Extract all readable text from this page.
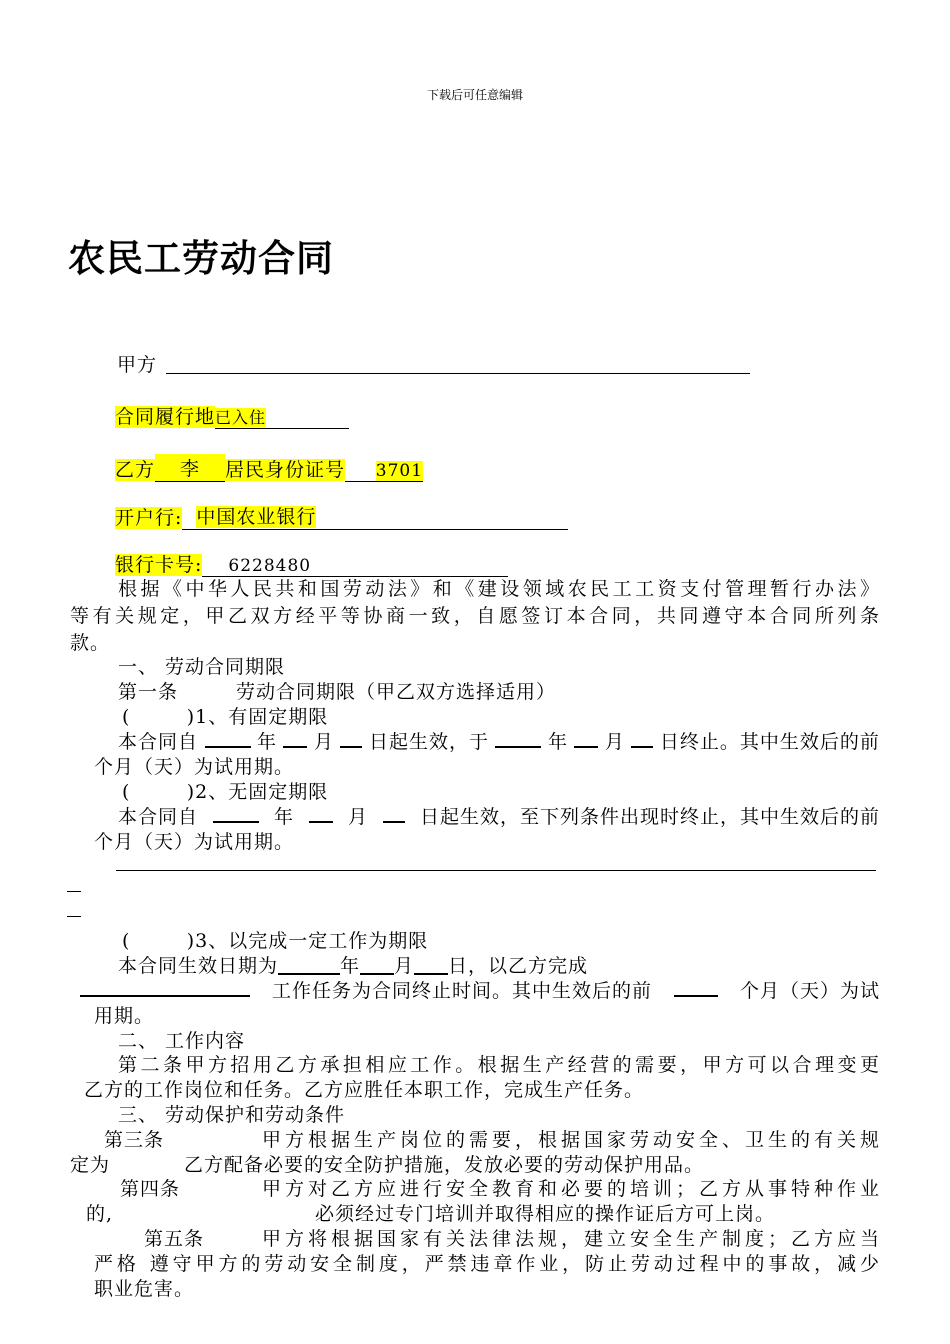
下载后可任意编辑
农民工劳动合同
甲方
合同履行地已入住
乙方 李 居民身份证号 3701
开户行: 中国农业银行
银行卡号: 6228480
根据《中华人民共和国劳动法》和《建设领域农民工工资支付管理暂行办法》
等有关规定，甲乙双方经平等协商一致，自愿签订本合同，共同遵守本合同所列条
款。
一、 劳动合同期限
第一条	劳动合同期限（甲乙双方选择适用）
(        )1、有固定期限
本合同自	年 月 日起生效，于	年 月 日终止。其中生效后的前
个月（天）为试用期。
(        )2、无固定期限
本合同自	年	月	日起生效，至下列条件出现时终止，其中生效后的前
个月（天）为试用期。
(        )3、以完成一定工作为期限
本合同生效日期为	年 月 日，以乙方完成
工作任务为合同终止时间。其中生效后的前	个月（天）为试
用期。
二、 工作内容
第二条甲方招用乙方承担相应工作。根据生产经营的需要，甲方可以合理变更
乙方的工作岗位和任务。乙方应胜任本职工作，完成生产任务。
三、 劳动保护和劳动条件
第三条	甲方根据生产岗位的需要，根据国家劳动安全、卫生的有关规
定为	乙方配备必要的安全防护措施，发放必要的劳动保护用品。
第四条	甲方对乙方应进行安全教育和必要的培训；乙方从事特种作业
的,	必须经过专门培训并取得相应的操作证后方可上岗。
第五条	甲方将根据国家有关法律法规，建立安全生产制度；乙方应当
严格 遵守甲方的劳动安全制度，严禁违章作业，防止劳动过程中的事故，减少
职业危害。
